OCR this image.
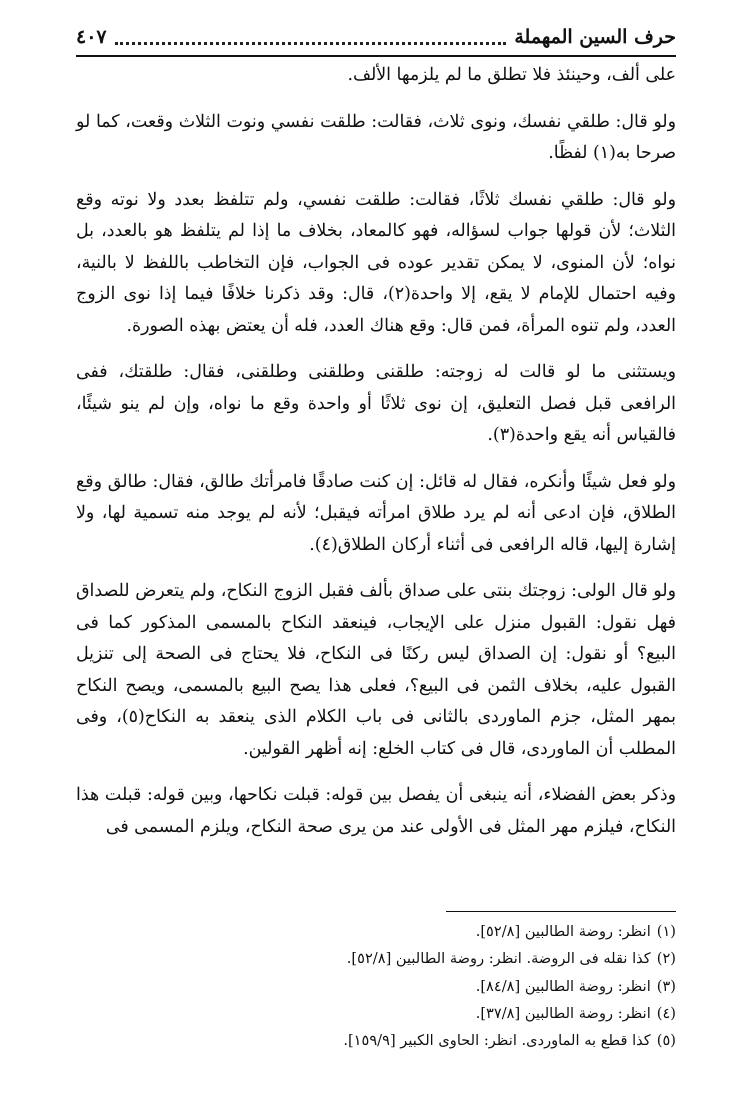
حرف السين المهملة
٤٠٧

على ألف، وحينئذ فلا تطلق ما لم يلزمها الألف.

ولو قال: طلقي نفسك، ونوى ثلاث، فقالت: طلقت نفسي ونوت الثلاث وقعت، كما لو صرحا به(١) لفظًا.

ولو قال: طلقي نفسك ثلاثًا، فقالت: طلقت نفسي، ولم تتلفظ بعدد ولا نوته وقع الثلاث؛ لأن قولها جواب لسؤاله، فهو كالمعاد، بخلاف ما إذا لم يتلفظ هو بالعدد، بل نواه؛ لأن المنوى، لا يمكن تقدير عوده فى الجواب، فإن التخاطب باللفظ لا بالنية، وفيه احتمال للإمام لا يقع، إلا واحدة(٢)، قال: وقد ذكرنا خلافًا فيما إذا نوى الزوج العدد، ولم تنوه المرأة، فمن قال: وقع هناك العدد، فله أن يعتض بهذه الصورة.

ويستثنى ما لو قالت له زوجته: طلقنى وطلقنى وطلقنى، فقال: طلقتك، ففى الرافعى قبل فصل التعليق، إن نوى ثلاثًا أو واحدة وقع ما نواه، وإن لم ينو شيئًا، فالقياس أنه يقع واحدة(٣).

ولو فعل شيئًا وأنكره، فقال له قائل: إن كنت صادقًا فامرأتك طالق، فقال: طالق وقع الطلاق، فإن ادعى أنه لم يرد طلاق امرأته فيقبل؛ لأنه لم يوجد منه تسمية لها، ولا إشارة إليها، قاله الرافعى فى أثناء أركان الطلاق(٤).

ولو قال الولى: زوجتك بنتى على صداق بألف فقبل الزوج النكاح، ولم يتعرض للصداق فهل نقول: القبول منزل على الإيجاب، فينعقد النكاح بالمسمى المذكور كما فى البيع؟ أو نقول: إن الصداق ليس ركنًا فى النكاح، فلا يحتاج فى الصحة إلى تنزيل القبول عليه، بخلاف الثمن فى البيع؟، فعلى هذا يصح البيع بالمسمى، ويصح النكاح بمهر المثل، جزم الماوردى بالثانى فى باب الكلام الذى ينعقد به النكاح(٥)، وفى المطلب أن الماوردى، قال فى كتاب الخلع: إنه أظهر القولين.

وذكر بعض الفضلاء، أنه ينبغى أن يفصل بين قوله: قبلت نكاحها، وبين قوله: قبلت هذا النكاح، فيلزم مهر المثل فى الأولى عند من يرى صحة النكاح، ويلزم المسمى فى

(١)انظر: روضة الطالبين [٥٢/٨].

(٢)كذا نقله فى الروضة. انظر: روضة الطالبين [٥٢/٨].

(٣)انظر: روضة الطالبين [٨٤/٨].

(٤)انظر: روضة الطالبين [٣٧/٨].

(٥)كذا قطع به الماوردى. انظر: الحاوى الكبير [١٥٩/٩].
